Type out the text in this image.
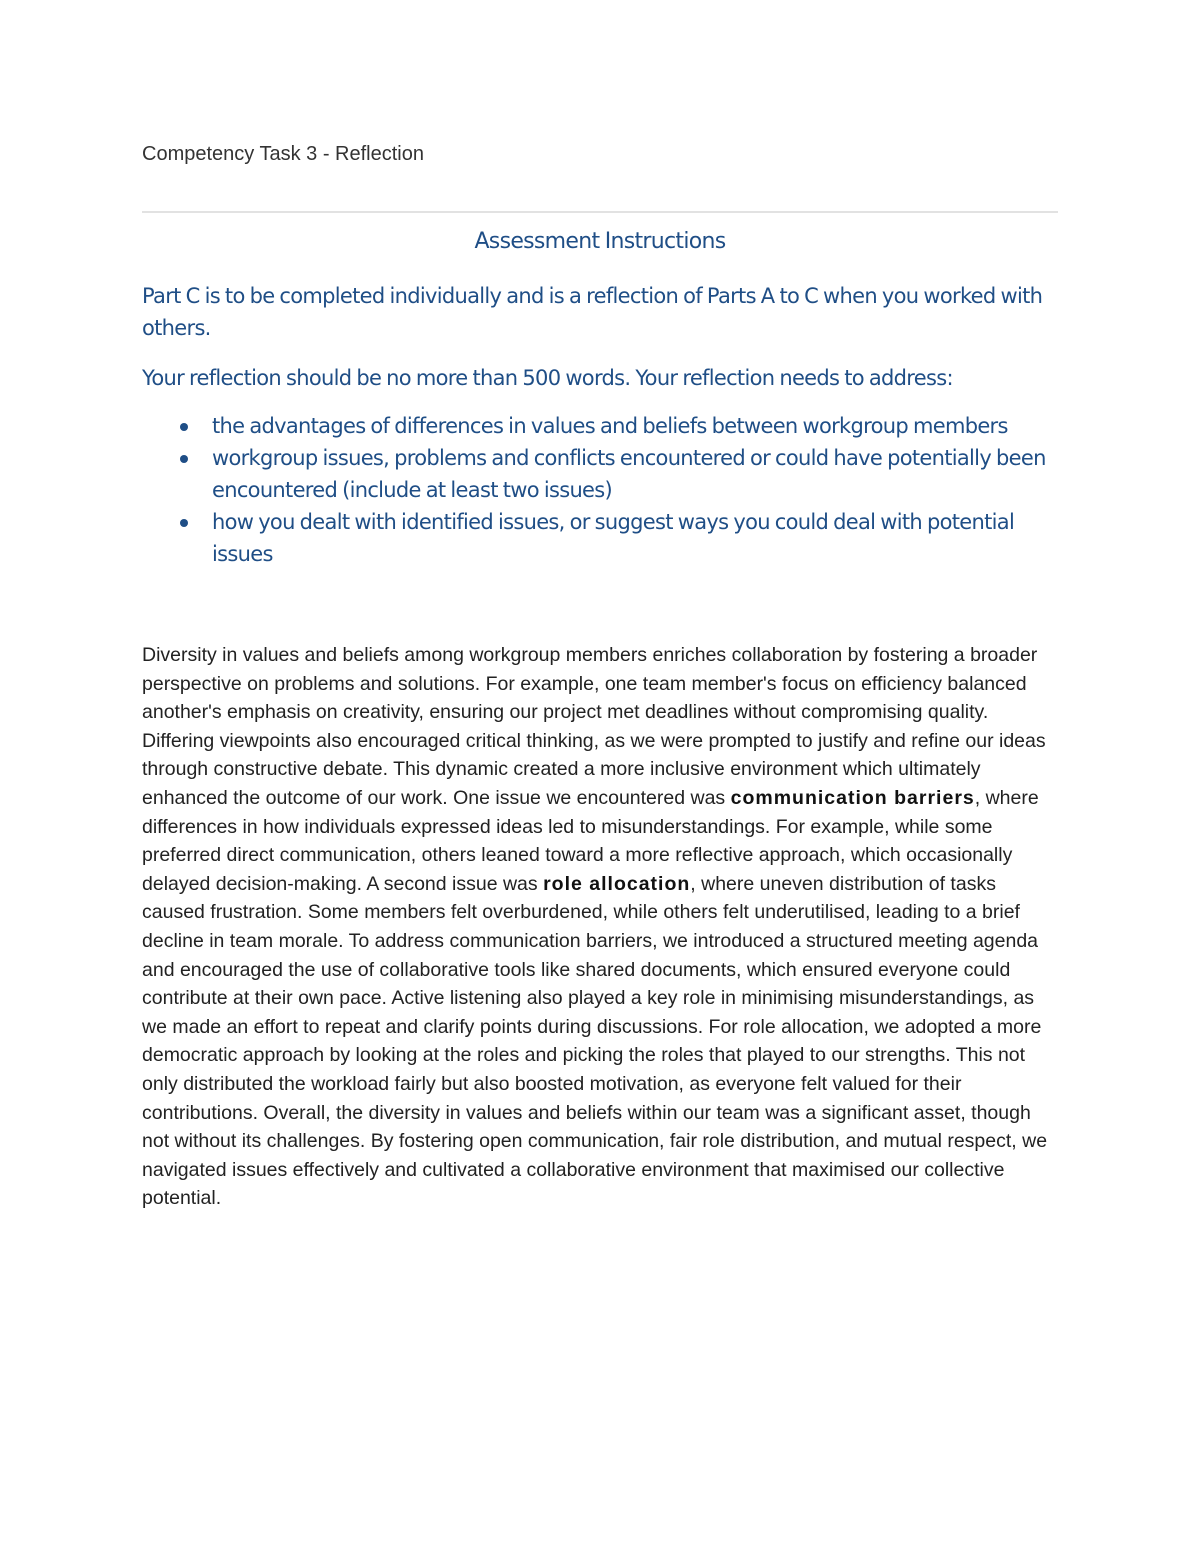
Competency Task 3 - Reflection

Assessment Instructions

Part C is to be completed individually and is a reflection of Parts A to C when you worked with others.

Your reflection should be no more than 500 words. Your reflection needs to address:

the advantages of differences in values and beliefs between workgroup members
workgroup issues, problems and conflicts encountered or could have potentially been encountered (include at least two issues)
how you dealt with identified issues, or suggest ways you could deal with potential issues

Diversity in values and beliefs among workgroup members enriches collaboration by fostering a broader perspective on problems and solutions. For example, one team member's focus on efficiency balanced another's emphasis on creativity, ensuring our project met deadlines without compromising quality. Differing viewpoints also encouraged critical thinking, as we were prompted to justify and refine our ideas through constructive debate. This dynamic created a more inclusive environment which ultimately enhanced the outcome of our work. One issue we encountered was communication barriers, where differences in how individuals expressed ideas led to misunderstandings. For example, while some preferred direct communication, others leaned toward a more reflective approach, which occasionally delayed decision-making. A second issue was role allocation, where uneven distribution of tasks caused frustration. Some members felt overburdened, while others felt underutilised, leading to a brief decline in team morale. To address communication barriers, we introduced a structured meeting agenda and encouraged the use of collaborative tools like shared documents, which ensured everyone could contribute at their own pace. Active listening also played a key role in minimising misunderstandings, as we made an effort to repeat and clarify points during discussions. For role allocation, we adopted a more democratic approach by looking at the roles and picking the roles that played to our strengths. This not only distributed the workload fairly but also boosted motivation, as everyone felt valued for their contributions. Overall, the diversity in values and beliefs within our team was a significant asset, though not without its challenges. By fostering open communication, fair role distribution, and mutual respect, we navigated issues effectively and cultivated a collaborative environment that maximised our collective potential.
